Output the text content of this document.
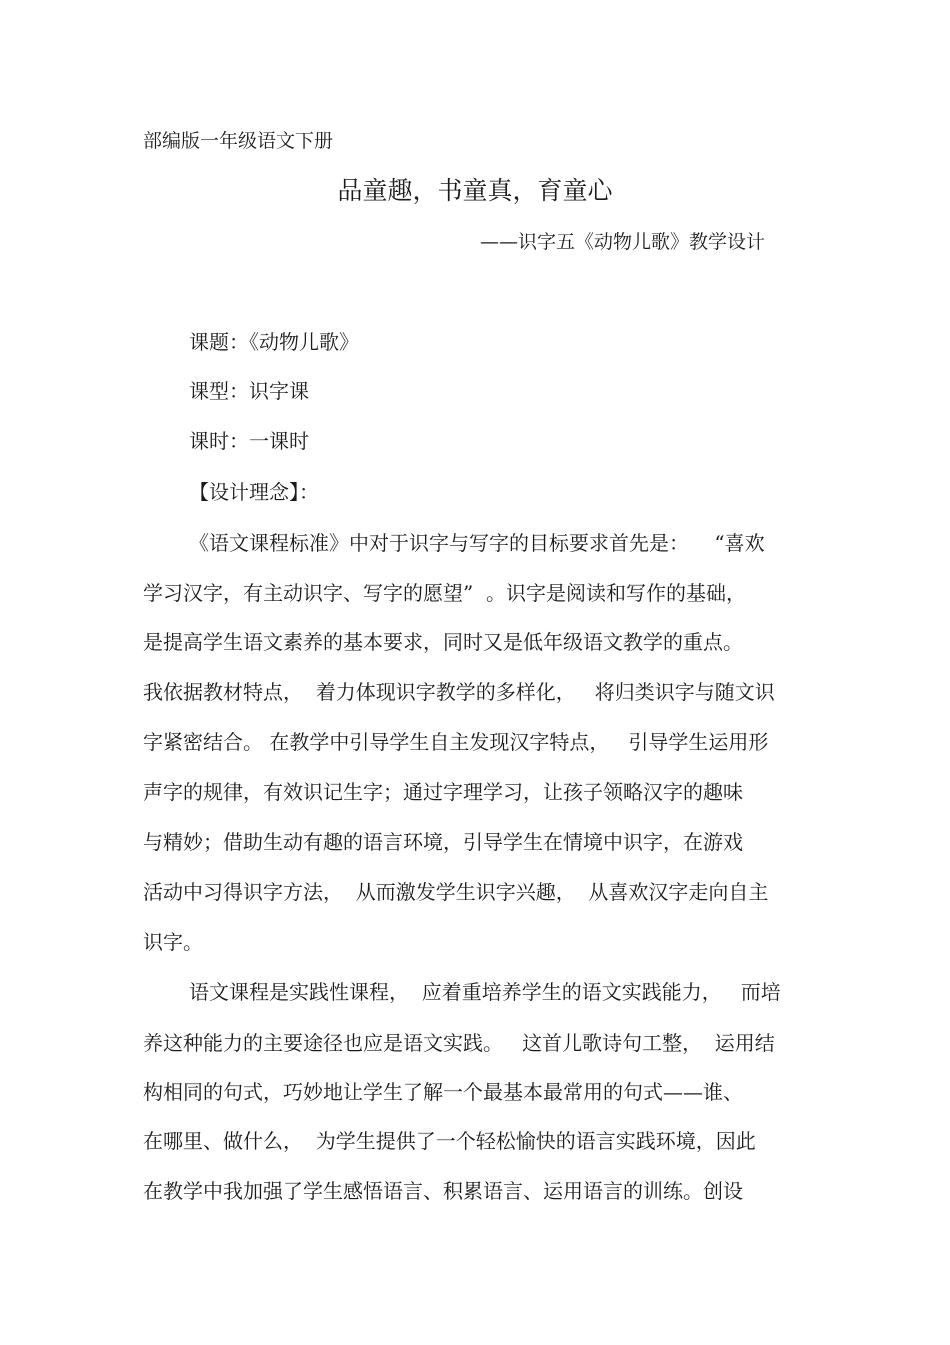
部编版一年级语文下册
品童趣，书童真，育童心
——识字五《动物儿歌》教学设计
课题：《动物儿歌》
课型：识字课
课时：一课时
【设计理念】：
《语文课程标准》中对于识字与写字的目标要求首先是：    “喜欢
学习汉字，有主动识字、写字的愿望”  。识字是阅读和写作的基础，
是提高学生语文素养的基本要求，同时又是低年级语文教学的重点。
我依据教材特点，  着力体现识字教学的多样化，   将归类识字与随文识
字紧密结合。 在教学中引导学生自主发现汉字特点，   引导学生运用形
声字的规律，有效识记生字；通过字理学习，让孩子领略汉字的趣味
与精妙；借助生动有趣的语言环境，引导学生在情境中识字，在游戏
活动中习得识字方法，  从而激发学生识字兴趣，  从喜欢汉字走向自主
识字。
语文课程是实践性课程，  应着重培养学生的语文实践能力，   而培
养这种能力的主要途径也应是语文实践。   这首儿歌诗句工整，  运用结
构相同的句式，巧妙地让学生了解一个最基本最常用的句式——谁、
在哪里、做什么，  为学生提供了一个轻松愉快的语言实践环境，因此
在教学中我加强了学生感悟语言、积累语言、运用语言的训练。创设
